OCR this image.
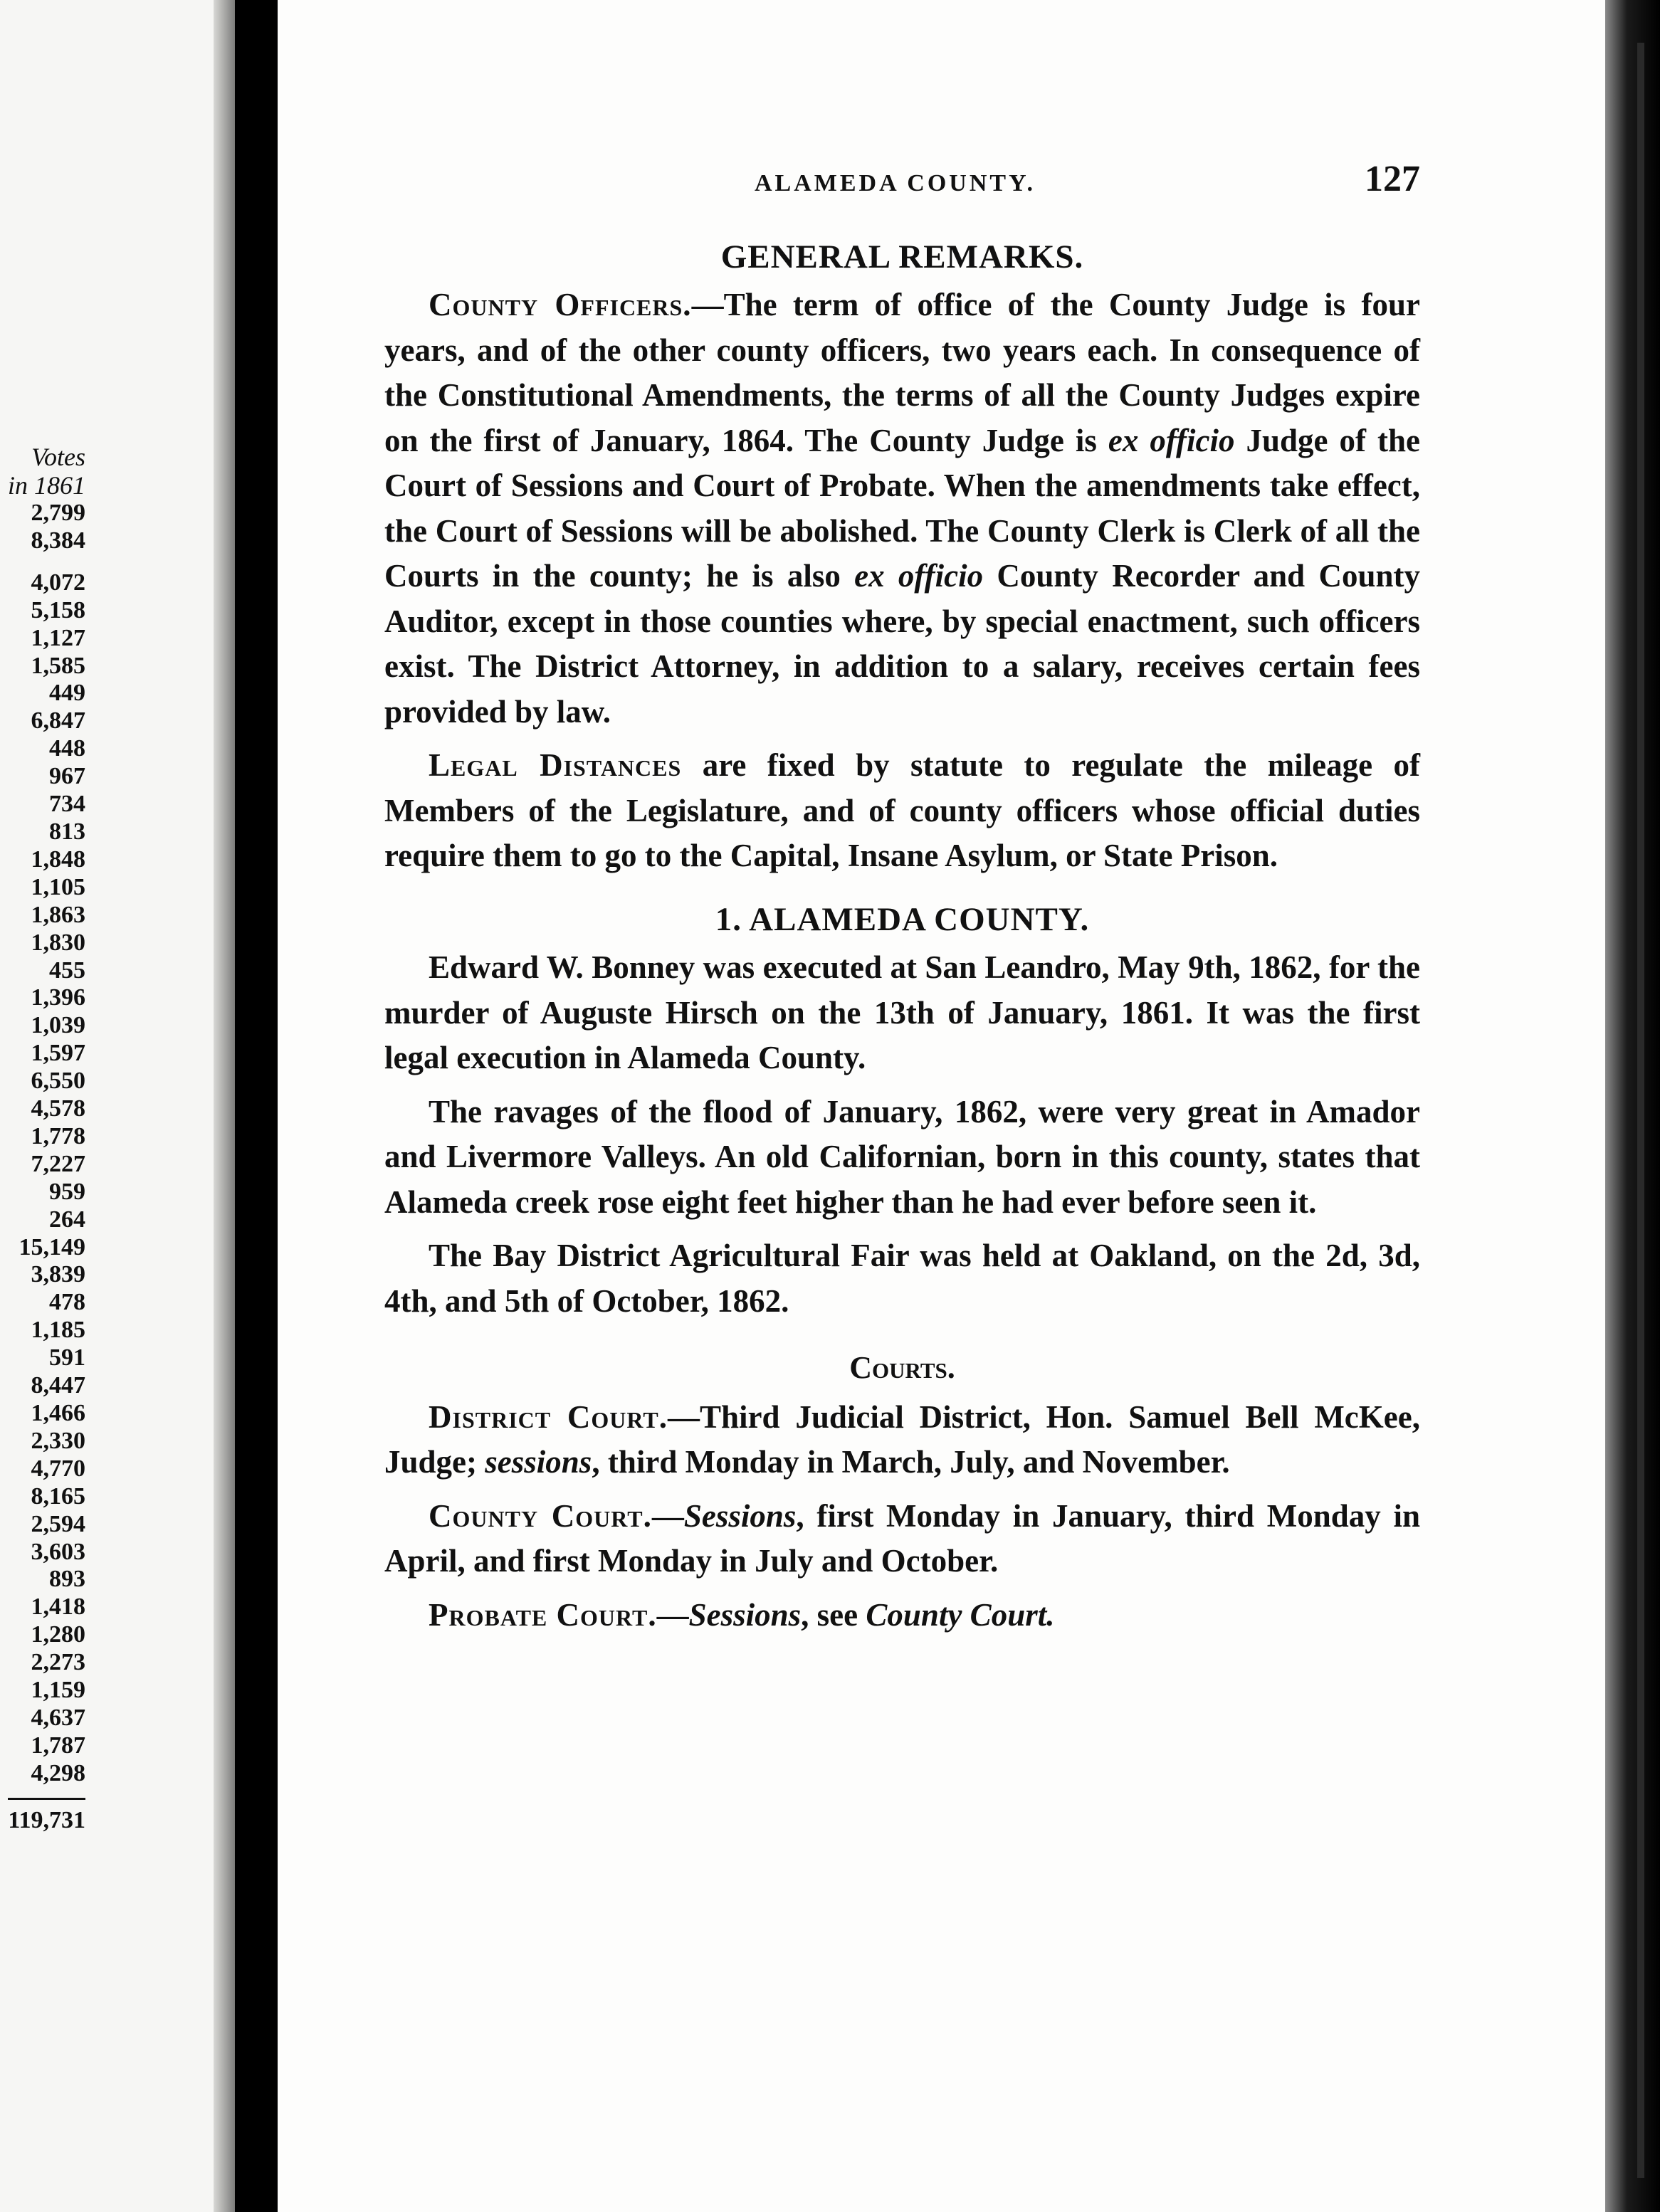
Votes
in 1861
2,799
8,384
4,072
5,158
1,127
1,585
449
6,847
448
967
734
813
1,848
1,105
1,863
1,830
455
1,396
1,039
1,597
6,550
4,578
1,778
7,227
959
264
15,149
3,839
478
1,185
591
8,447
1,466
2,330
4,770
8,165
2,594
3,603
893
1,418
1,280
2,273
1,159
4,637
1,787
4,298
119,731
ALAMEDA COUNTY.	127
GENERAL REMARKS.

County Officers.—The term of office of the County Judge is four years, and of the other county officers, two years each. In consequence of the Constitutional Amendments, the terms of all the County Judges expire on the first of January, 1864. The County Judge is ex officio Judge of the Court of Sessions and Court of Probate. When the amendments take effect, the Court of Sessions will be abolished. The County Clerk is Clerk of all the Courts in the county; he is also ex officio County Recorder and County Auditor, except in those counties where, by special enactment, such officers exist. The District Attorney, in addition to a salary, receives certain fees provided by law.

Legal Distances are fixed by statute to regulate the mileage of Members of the Legislature, and of county officers whose official duties require them to go to the Capital, Insane Asylum, or State Prison.

1. ALAMEDA COUNTY.

Edward W. Bonney was executed at San Leandro, May 9th, 1862, for the murder of Auguste Hirsch on the 13th of January, 1861. It was the first legal execution in Alameda County.

The ravages of the flood of January, 1862, were very great in Amador and Livermore Valleys. An old Californian, born in this county, states that Alameda creek rose eight feet higher than he had ever before seen it.

The Bay District Agricultural Fair was held at Oakland, on the 2d, 3d, 4th, and 5th of October, 1862.

Courts.

District Court.—Third Judicial District, Hon. Samuel Bell McKee, Judge; sessions, third Monday in March, July, and November.

County Court.—Sessions, first Monday in January, third Monday in April, and first Monday in July and October.

Probate Court.—Sessions, see County Court.
